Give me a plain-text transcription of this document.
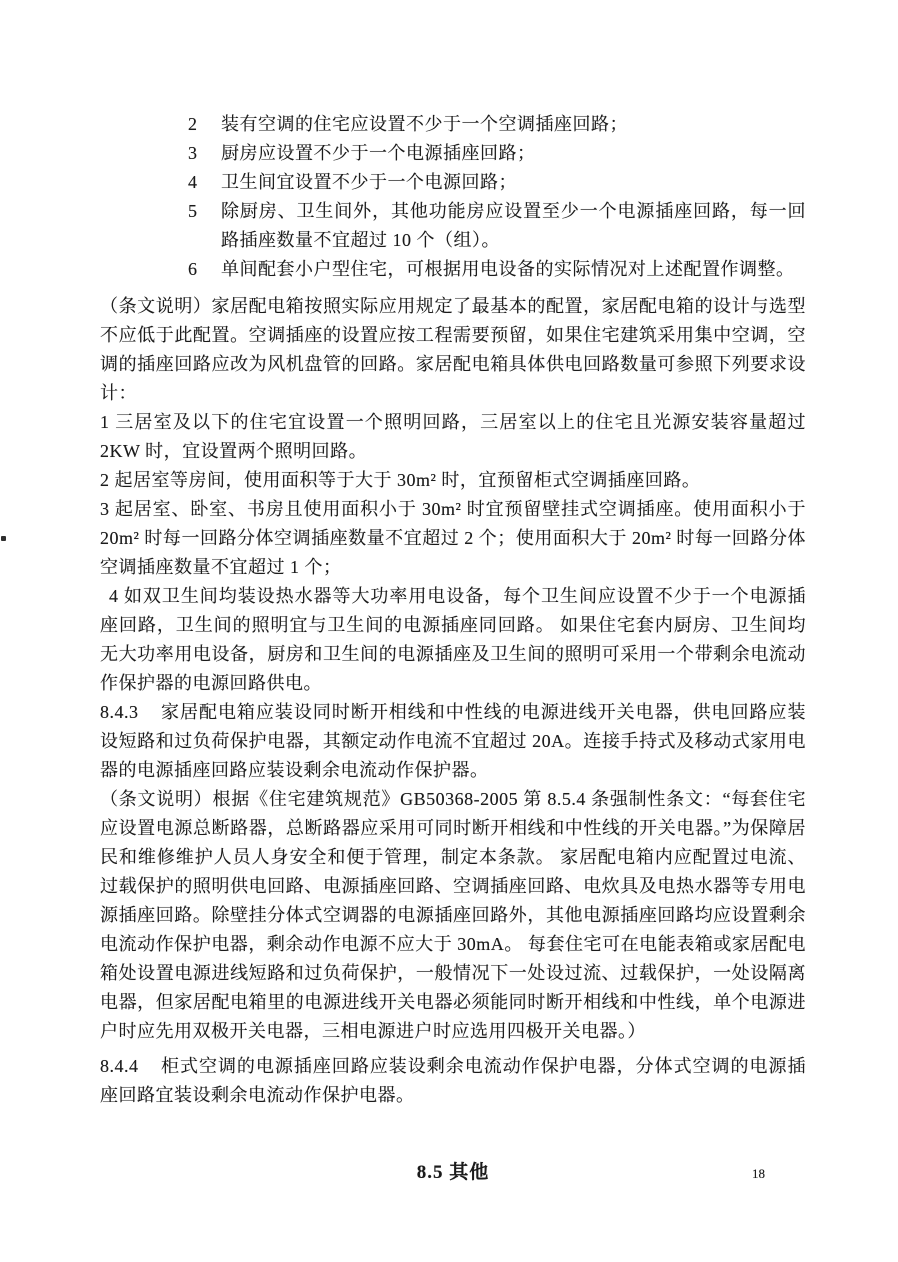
2 装有空调的住宅应设置不少于一个空调插座回路；
3 厨房应设置不少于一个电源插座回路；
4 卫生间宜设置不少于一个电源回路；
5 除厨房、卫生间外，其他功能房应设置至少一个电源插座回路，每一回路插座数量不宜超过 10 个（组）。
6 单间配套小户型住宅，可根据用电设备的实际情况对上述配置作调整。

（条文说明）家居配电箱按照实际应用规定了最基本的配置，家居配电箱的设计与选型不应低于此配置。空调插座的设置应按工程需要预留，如果住宅建筑采用集中空调，空调的插座回路应改为风机盘管的回路。家居配电箱具体供电回路数量可参照下列要求设计：

1 三居室及以下的住宅宜设置一个照明回路，三居室以上的住宅且光源安装容量超过 2KW 时，宜设置两个照明回路。

2 起居室等房间，使用面积等于大于 30m² 时，宜预留柜式空调插座回路。

3 起居室、卧室、书房且使用面积小于 30m² 时宜预留壁挂式空调插座。使用面积小于 20m² 时每一回路分体空调插座数量不宜超过 2 个；使用面积大于 20m² 时每一回路分体空调插座数量不宜超过 1 个；

4 如双卫生间均装设热水器等大功率用电设备，每个卫生间应设置不少于一个电源插座回路，卫生间的照明宜与卫生间的电源插座同回路。 如果住宅套内厨房、卫生间均无大功率用电设备，厨房和卫生间的电源插座及卫生间的照明可采用一个带剩余电流动作保护器的电源回路供电。

8.4.3 家居配电箱应装设同时断开相线和中性线的电源进线开关电器，供电回路应装设短路和过负荷保护电器，其额定动作电流不宜超过 20A。连接手持式及移动式家用电器的电源插座回路应装设剩余电流动作保护器。

（条文说明）根据《住宅建筑规范》GB50368-2005 第 8.5.4 条强制性条文：“每套住宅应设置电源总断路器，总断路器应采用可同时断开相线和中性线的开关电器。”为保障居民和维修维护人员人身安全和便于管理，制定本条款。 家居配电箱内应配置过电流、过载保护的照明供电回路、电源插座回路、空调插座回路、电炊具及电热水器等专用电源插座回路。除壁挂分体式空调器的电源插座回路外，其他电源插座回路均应设置剩余电流动作保护电器，剩余动作电源不应大于 30mA。 每套住宅可在电能表箱或家居配电箱处设置电源进线短路和过负荷保护，一般情况下一处设过流、过载保护，一处设隔离电器，但家居配电箱里的电源进线开关电器必须能同时断开相线和中性线，单个电源进户时应先用双极开关电器，三相电源进户时应选用四极开关电器。）

8.4.4 柜式空调的电源插座回路应装设剩余电流动作保护电器，分体式空调的电源插座回路宜装设剩余电流动作保护电器。

8.5 其他	18
